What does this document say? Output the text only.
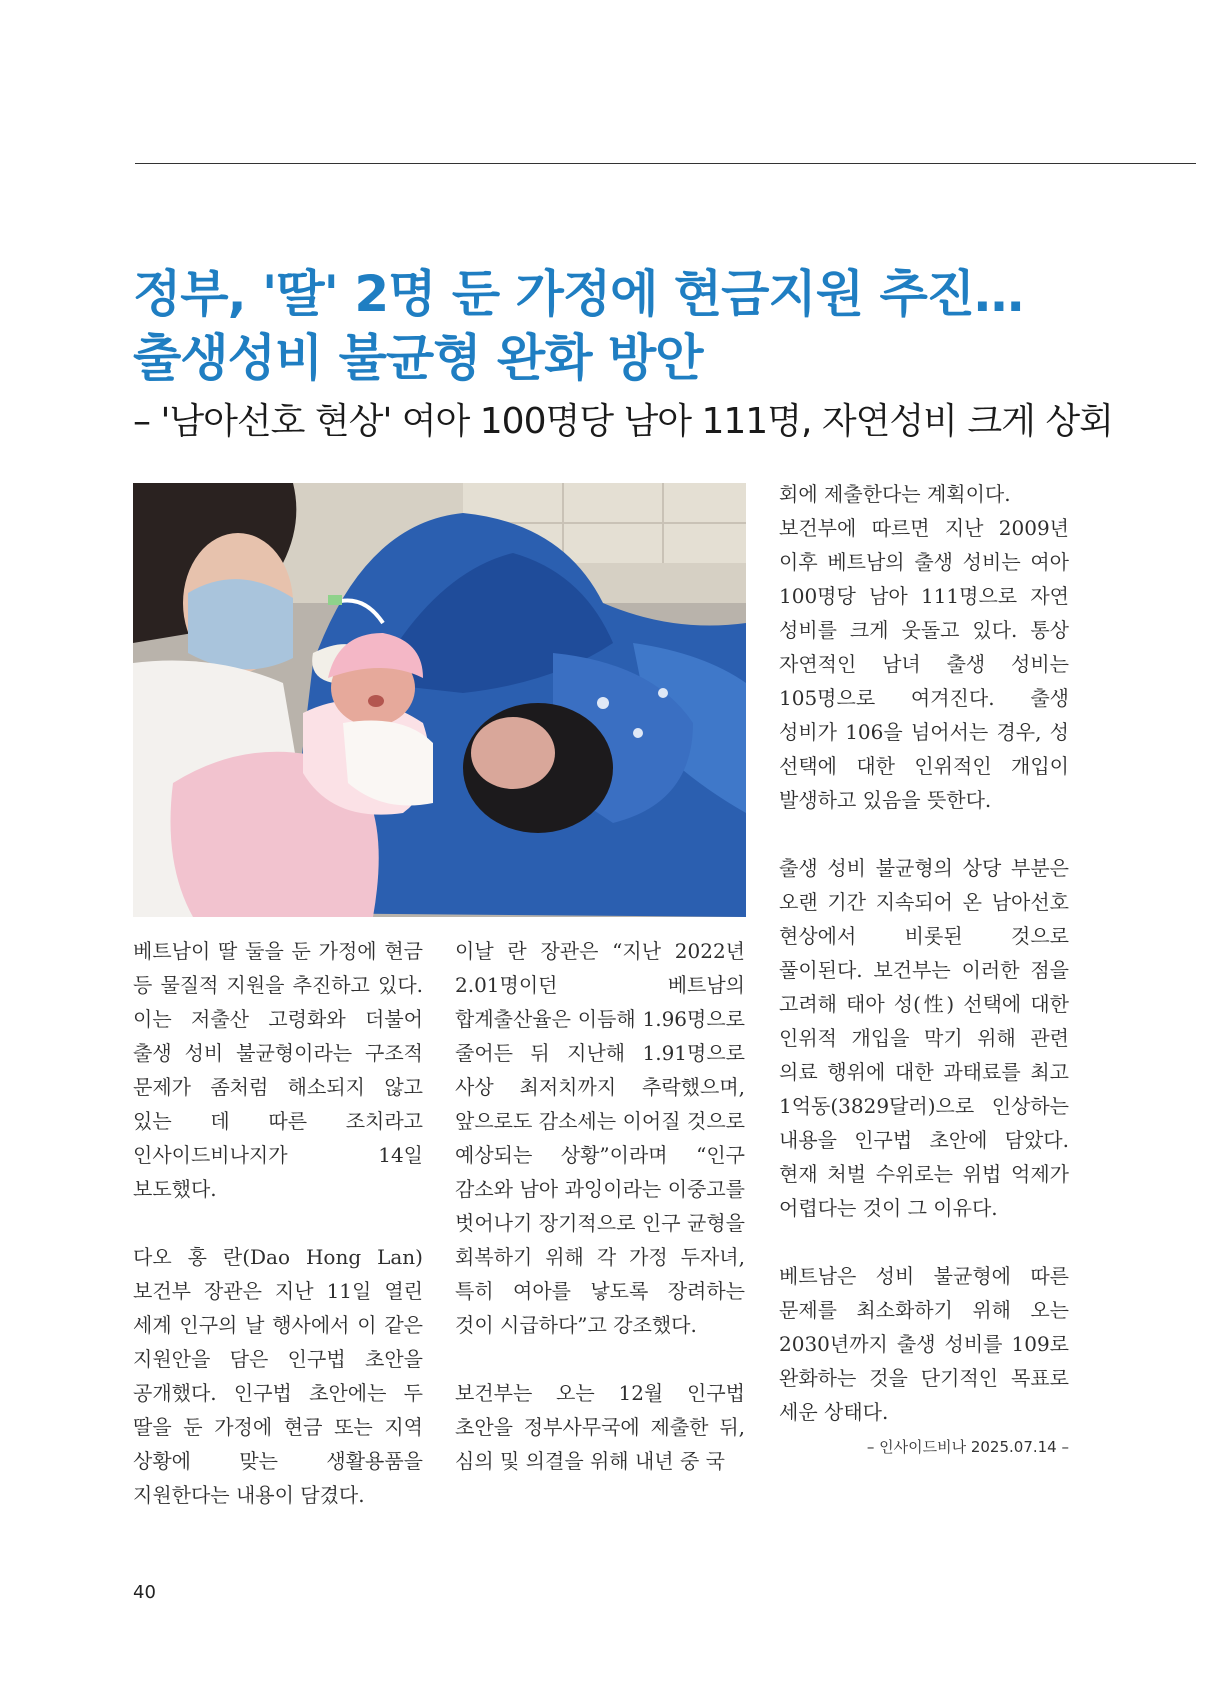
정부, '딸' 2명 둔 가정에 현금지원 추진…
출생성비 불균형 완화 방안
– '남아선호 현상' 여아 100명당 남아 111명, 자연성비 크게 상회

베트남이 딸 둘을 둔 가정에 현금 등 물질적 지원을 추진하고 있다. 이는 저출산 고령화와 더불어 출생 성비 불균형이라는 구조적 문제가 좀처럼 해소되지 않고 있는 데 따른 조치라고 인사이드비나지가 14일 보도했다.

다오 홍 란(Dao Hong Lan) 보건부 장관은 지난 11일 열린 세계 인구의 날 행사에서 이 같은 지원안을 담은 인구법 초안을 공개했다. 인구법 초안에는 두 딸을 둔 가정에 현금 또는 지역 상황에 맞는 생활용품을 지원한다는 내용이 담겼다.

이날 란 장관은 “지난 2022년 2.01명이던 베트남의 합계출산율은 이듬해 1.96명으로 줄어든 뒤 지난해 1.91명으로 사상 최저치까지 추락했으며, 앞으로도 감소세는 이어질 것으로 예상되는 상황”이라며 “인구 감소와 남아 과잉이라는 이중고를 벗어나기 장기적으로 인구 균형을 회복하기 위해 각 가정 두자녀, 특히 여아를 낳도록 장려하는 것이 시급하다”고 강조했다.

보건부는 오는 12월 인구법 초안을 정부사무국에 제출한 뒤, 심의 및 의결을 위해 내년 중 국

회에 제출한다는 계획이다.

보건부에 따르면 지난 2009년 이후 베트남의 출생 성비는 여아 100명당 남아 111명으로 자연 성비를 크게 웃돌고 있다. 통상 자연적인 남녀 출생 성비는 105명으로 여겨진다. 출생 성비가 106을 넘어서는 경우, 성 선택에 대한 인위적인 개입이 발생하고 있음을 뜻한다.

출생 성비 불균형의 상당 부분은 오랜 기간 지속되어 온 남아선호 현상에서 비롯된 것으로 풀이된다. 보건부는 이러한 점을 고려해 태아 성(性) 선택에 대한 인위적 개입을 막기 위해 관련 의료 행위에 대한 과태료를 최고 1억동(3829달러)으로 인상하는 내용을 인구법 초안에 담았다. 현재 처벌 수위로는 위법 억제가 어렵다는 것이 그 이유다.

베트남은 성비 불균형에 따른 문제를 최소화하기 위해 오는 2030년까지 출생 성비를 109로 완화하는 것을 단기적인 목표로 세운 상태다.

– 인사이드비나 2025.07.14 –
40
